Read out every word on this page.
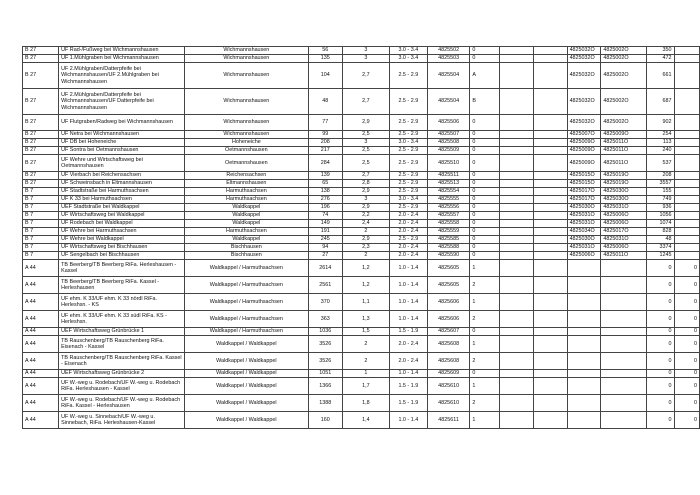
B 27	UF Rad-/Fußweg bei Wichmannshausen	Wichmannshausen	56	3	3.0 - 3.4	4825502	0			4825032O	4825002O	350	
B 27	UF 1.Mühlgraben bei Wichmannshausen	Wichmannshausen	135	3	3.0 - 3.4	4825503	0			4825032O	4825002O	472	
B 27	UF 2.Mühlgraben/Datterpfeife bei Wichmannshausen/UF 2.Mühlgraben bei Wichmannshausen	Wichmannshausen	104	2,7	2.5 - 2.9	4825504	A			4825032O	4825002O	661	
B 27	UF 2.Mühlgraben/Datterpfeife bei Wichmannshausen/UF Datterpfeife bei Wichmannshausen	Wichmannshausen	48	2,7	2.5 - 2.9	4825504	B			4825032O	4825002O	687	
B 27	UF Flutgraben/Radweg bei Wichmannshausen	Wichmannshausen	77	2,9	2.5 - 2.9	4825506	0			4825032O	4825002O	902	
B 27	UF Netra bei Wichmannshausen	Wichmannshausen	99	2,5	2.5 - 2.9	4825507	0			4825007O	4825009O	254	
B 27	UF DB bei Hoheneiche	Hoheneiche	208	3	3.0 - 3.4	4825508	0			4825009O	4825011O	113	
B 27	UF Sontra bei Oetmannshausen	Oetmannshausen	217	2,5	2.5 - 2.9	4825509	0			4825009O	4825011O	240	
B 27	UF Wehre und Wirtschaftsweg bei Oetmannshausen	Oetmannshausen	284	2,5	2.5 - 2.9	4825510	0			4825009O	4825011O	537	
B 27	UF Vierbach bei Reichensachsen	Reichensachsen	139	2,7	2.5 - 2.9	4825511	0			4825015O	4825019O	208	
B 27	UF Schweinsbach in Eltmannshausen	Eltmannshausen	65	2,8	2.5 - 2.9	4825513	0			4825015O	4825019O	3557	
B 7	UF Stadtstraße bei Harmuthsachsen	Harmuthsachsen	138	2,9	2.5 - 2.9	4825554	0			4825017O	4825030O	155	
B 7	UF K 33 bei Harmuthsachsen	Harmuthsachsen	276	3	3.0 - 3.4	4825555	0			4825017O	4825030O	749	
B 7	UEF Stadtstraße bei Waldkappel	Waldkappel	196	2,9	2.5 - 2.9	4825556	0			4825030O	4825031O	936	
B 7	UF Wirtschaftsweg bei Waldkappel	Waldkappel	74	2,2	2.0 - 2.4	4825557	0			4825031O	4825006O	1056	
B 7	UF Rodebach bei Waldkappel	Waldkappel	149	2,4	2.0 - 2.4	4825558	0			4825031O	4825006O	1074	
B 7	UF Wehre bei Harmuthsachsen	Harmuthsachsen	191	2	2.0 - 2.4	4825559	0			4825034O	4825017O	828	
B 7	UF Wehre bei Waldkappel	Waldkappel	245	2,9	2.5 - 2.9	4825585	0			4825030O	4825031O	48	
B 7	UF Wirtschaftsweg bei Bischhausen	Bischhausen	94	2,3	2.0 - 2.4	4825588	0			4825031O	4825006O	3374	
B 7	UF Sengelbach bei Bischhausen	Bischhausen	27	2	2.0 - 2.4	4825590	0			4825006O	4825011O	1245	
A 44	TB Beerberg/TB Beerberg RiFa. Herleshausen - Kassel	Waldkappel / Harmuthsachsen	2614	1,2	1.0 - 1.4	4825605	1					0	0
A 44	TB Beerberg/TB Beerberg RiFa. Kassel - Herleshausen	Waldkappel / Harmuthsachsen	2561	1,2	1.0 - 1.4	4825605	2					0	0
A 44	UF ehm. K 33/UF ehm. K 33 nördl RiFa. Herleshsn. - KS	Waldkappel / Harmuthsachsen	370	1,1	1.0 - 1.4	4825606	1					0	0
A 44	UF ehm. K 33/UF ehm. K 33 südl RiFa. KS - Herleshsn.	Waldkappel / Harmuthsachsen	363	1,3	1.0 - 1.4	4825606	2					0	0
A 44	UEF Wirtschaftsweg Grünbrücke 1	Waldkappel / Harmuthsachsen	1036	1,5	1.5 - 1.9	4825607	0					0	0
A 44	TB Rauschenberg/TB Rauschenberg RiFa. Eisenach - Kassel	Waldkappel / Waldkappel	3526	2	2.0 - 2.4	4825608	1					0	0
A 44	TB Rauschenberg/TB Rauschenberg RiFa. Kassel - Eisenach	Waldkappel / Waldkappel	3526	2	2.0 - 2.4	4825608	2					0	0
A 44	UEF Wirtschaftsweg Grünbrücke 2	Waldkappel / Waldkappel	1051	1	1.0 - 1.4	4825609	0					0	0
A 44	UF W.-weg u. Rodebach/UF W.-weg u. Rodebach RiFa. Herleshausen - Kassel	Waldkappel / Waldkappel	1366	1,7	1.5 - 1.9	4825610	1					0	0
A 44	UF W.-weg u. Rodebach/UF W.-weg u. Rodebach RiFa. Kassel - Herleshausen	Waldkappel / Waldkappel	1388	1,8	1.5 - 1.9	4825610	2					0	0
A 44	UF W.-weg u. Sinnebach/UF W.-weg u. Sinnebach, RiFa. Herleshausen-Kassel	Waldkappel / Waldkappel	160	1,4	1.0 - 1.4	4825611	1					0	0
